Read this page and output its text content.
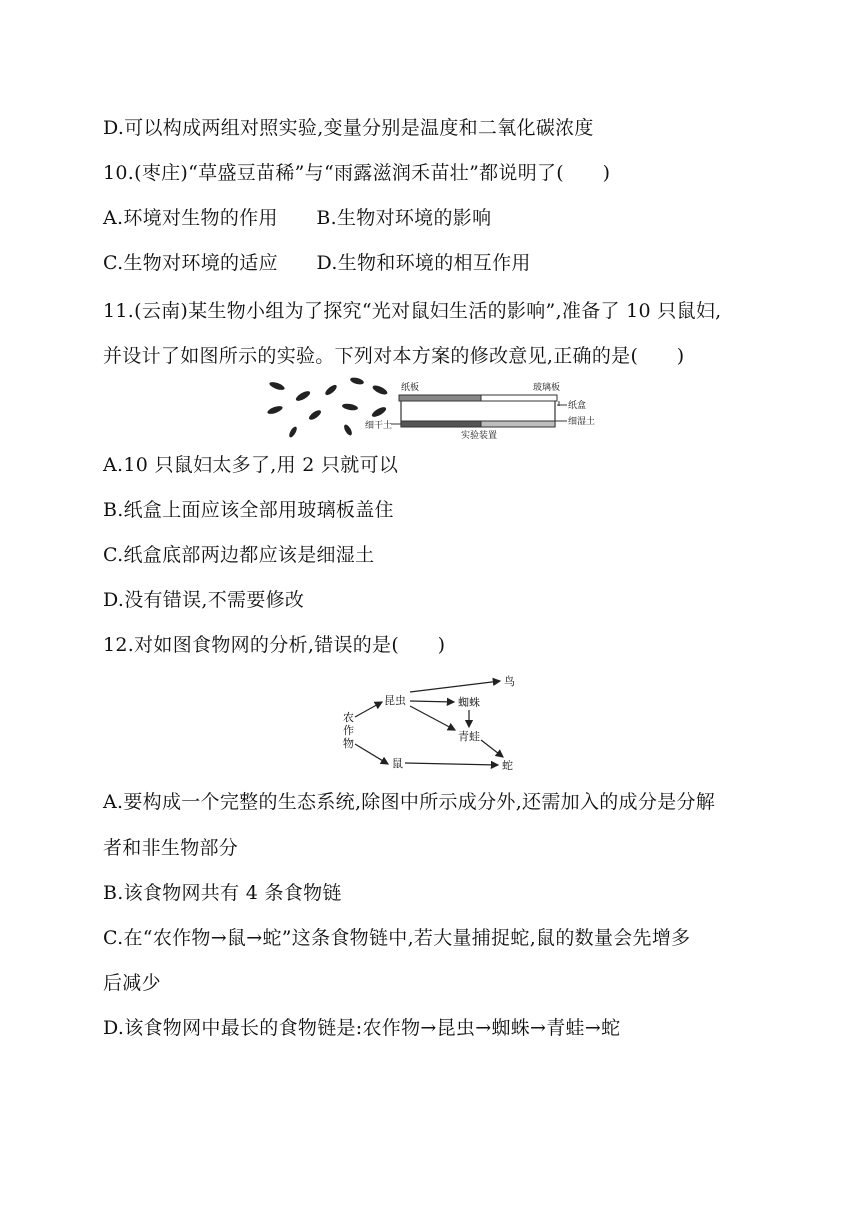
D.可以构成两组对照实验,变量分别是温度和二氧化碳浓度
10.(枣庄)“草盛豆苗稀”与“雨露滋润禾苗壮”都说明了(　　)
A.环境对生物的作用　　B.生物对环境的影响
C.生物对环境的适应　　D.生物和环境的相互作用
11.(云南)某生物小组为了探究“光对鼠妇生活的影响”,准备了 10 只鼠妇,
并设计了如图所示的实验。下列对本方案的修改意见,正确的是(　　)
纸板	玻璃板
纸盒
细湿土
细干土
实验装置
A.10 只鼠妇太多了,用 2 只就可以
B.纸盒上面应该全部用玻璃板盖住
C.纸盒底部两边都应该是细湿土
D.没有错误,不需要修改
12.对如图食物网的分析,错误的是(　　)
农
作
物
昆虫
鸟
蜘蛛
青蛙
鼠	蛇
A.要构成一个完整的生态系统,除图中所示成分外,还需加入的成分是分解
者和非生物部分
B.该食物网共有 4 条食物链
C.在“农作物→鼠→蛇”这条食物链中,若大量捕捉蛇,鼠的数量会先增多
后减少
D.该食物网中最长的食物链是:农作物→昆虫→蜘蛛→青蛙→蛇
